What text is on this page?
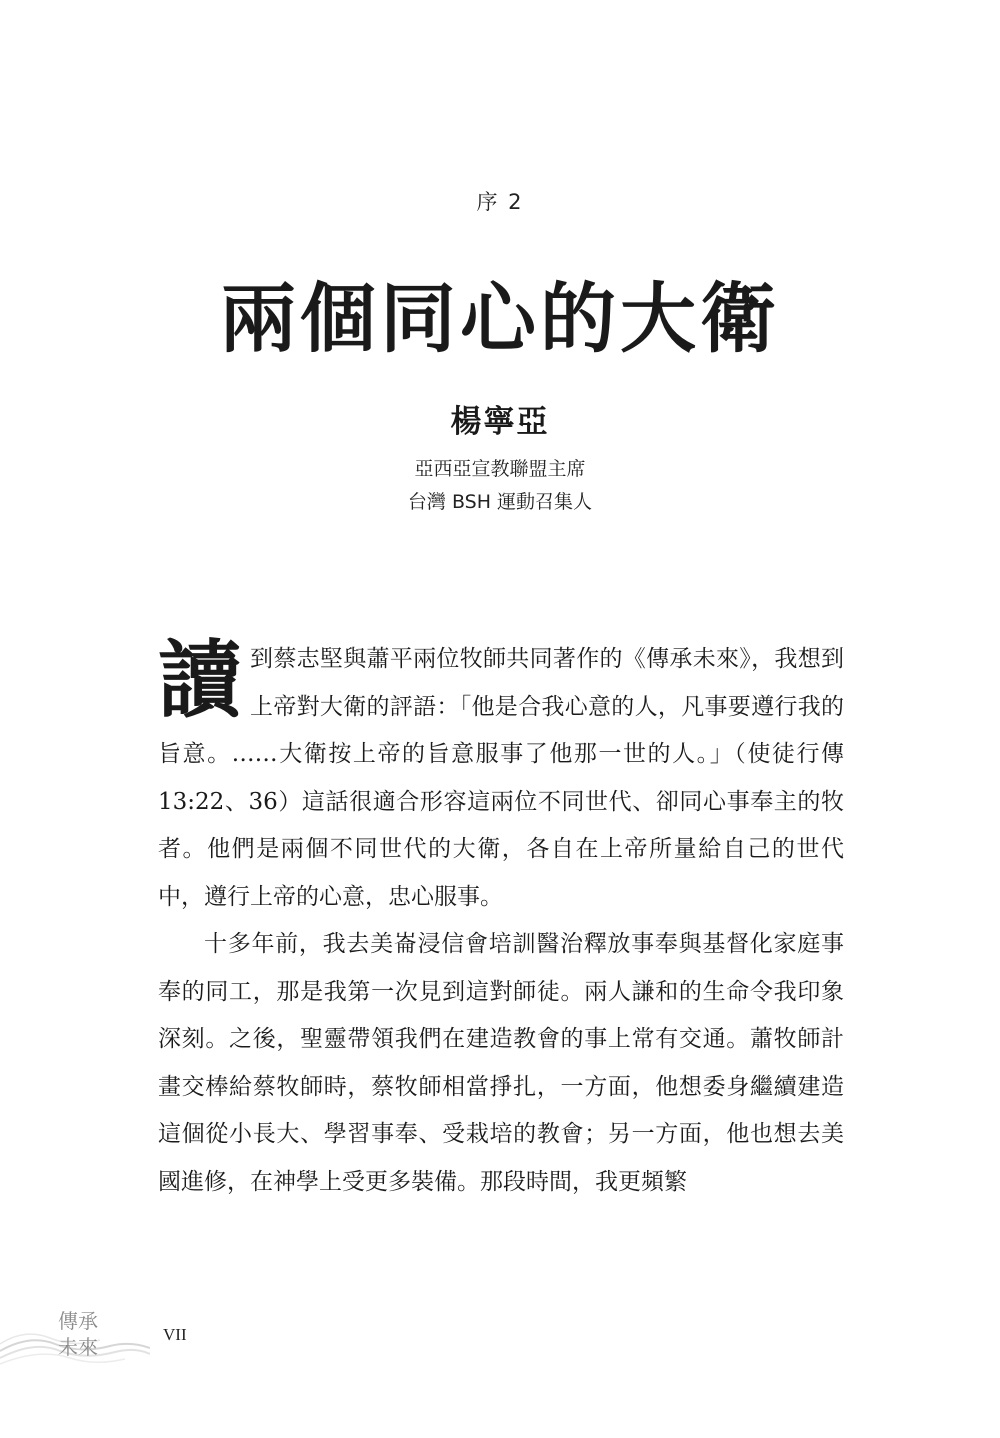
序 2
兩個同心的大衛
楊寧亞
亞西亞宣教聯盟主席
台灣 BSH 運動召集人
讀 到蔡志堅與蕭平兩位牧師共同著作的《傳承未來》，我想到上帝對大衛的評語：「他是合我心意的人，凡事要遵行我的旨意。……大衛按上帝的旨意服事了他那一世的人。」（使徒行傳 13:22、36）這話很適合形容這兩位不同世代、卻同心事奉主的牧者。他們是兩個不同世代的大衛，各自在上帝所量給自己的世代中，遵行上帝的心意，忠心服事。

十多年前，我去美崙浸信會培訓醫治釋放事奉與基督化家庭事奉的同工，那是我第一次見到這對師徒。兩人謙和的生命令我印象深刻。之後，聖靈帶領我們在建造教會的事上常有交通。蕭牧師計畫交棒給蔡牧師時，蔡牧師相當掙扎，一方面，他想委身繼續建造這個從小長大、學習事奉、受栽培的教會；另一方面，他也想去美國進修，在神學上受更多裝備。那段時間，我更頻繁

傳承
未來
VII
